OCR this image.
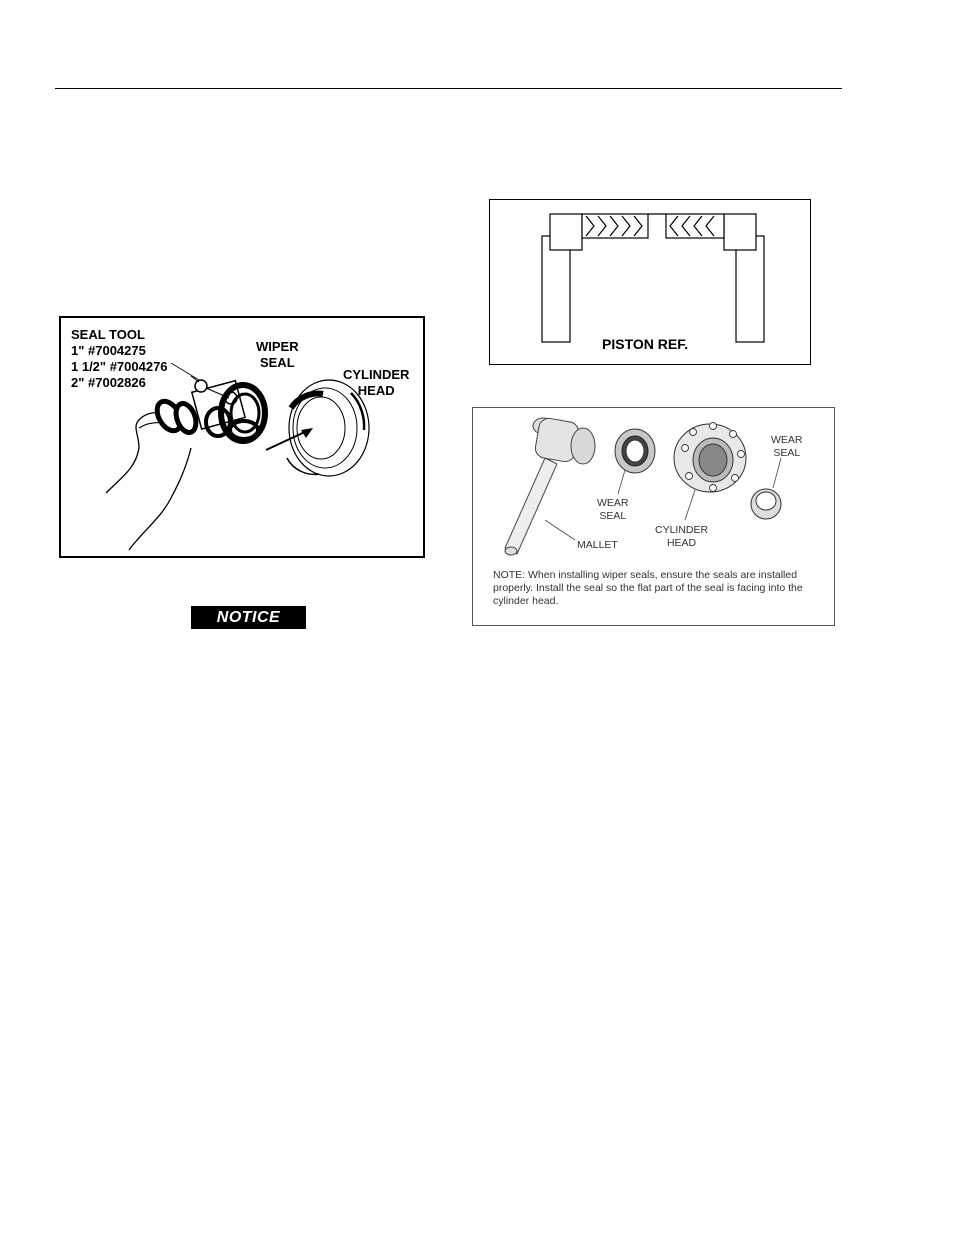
SEAL TOOL
1" #7004275
1 1/2" #7004276
2" #7002826
WIPER
SEAL
CYLINDER
HEAD
PISTON REF.
MALLET
WEAR
SEAL
CYLINDER
HEAD
WEAR
SEAL
NOTE: When installing wiper seals, ensure the seals are installed properly. Install the seal so the flat part of the seal is facing into the cylinder head.
NOTICE
